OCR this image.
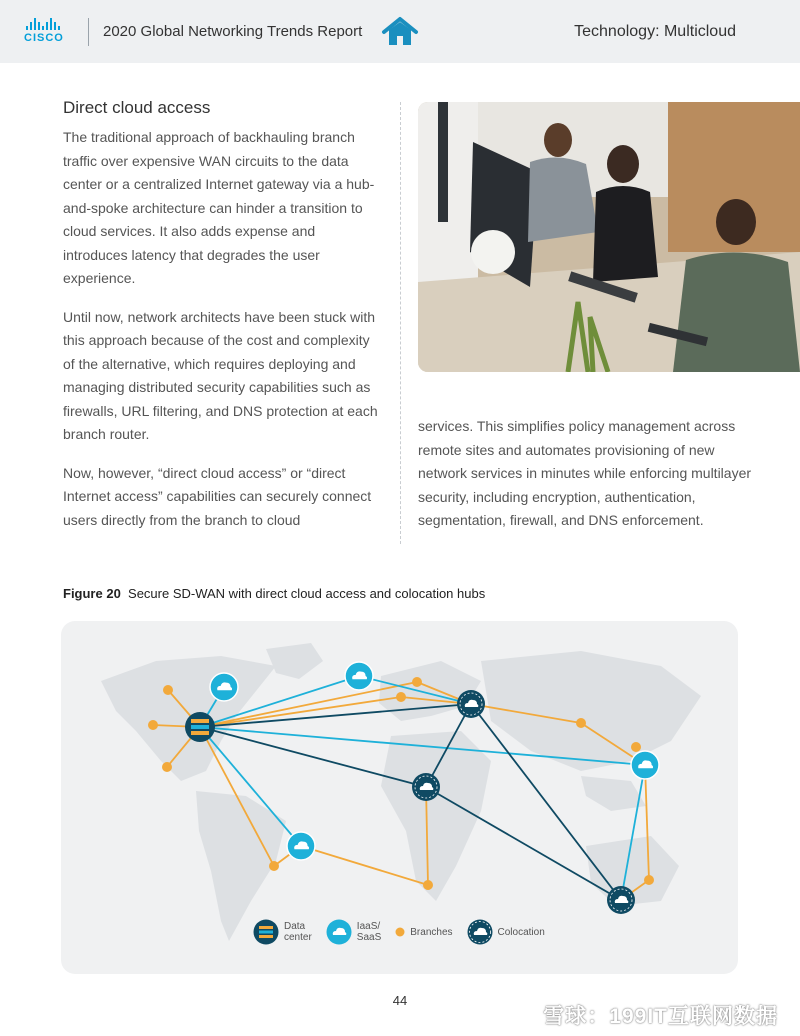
CISCO	2020 Global Networking Trends Report	Technology: Multicloud
Direct cloud access

The traditional approach of backhauling branch traffic over expensive WAN circuits to the data center or a centralized Internet gateway via a hub-and-spoke architecture can hinder a transition to cloud services. It also adds expense and introduces latency that degrades the user experience.

Until now, network architects have been stuck with this approach because of the cost and complexity of the alternative, which requires deploying and managing distributed security capabilities such as firewalls, URL filtering, and DNS protection at each branch router.

Now, however, “direct cloud access” or “direct Internet access” capabilities can securely connect users directly from the branch to cloud

services. This simplifies policy management across remote sites and automates provisioning of new network services in minutes while enforcing multilayer security, including encryption, authentication, segmentation, firewall, and DNS enforcement.

Figure 20 Secure SD-WAN with direct cloud access and colocation hubs
Data
center
IaaS/
SaaS	Branches	Colocation
44
雪球：199IT互联网数据
